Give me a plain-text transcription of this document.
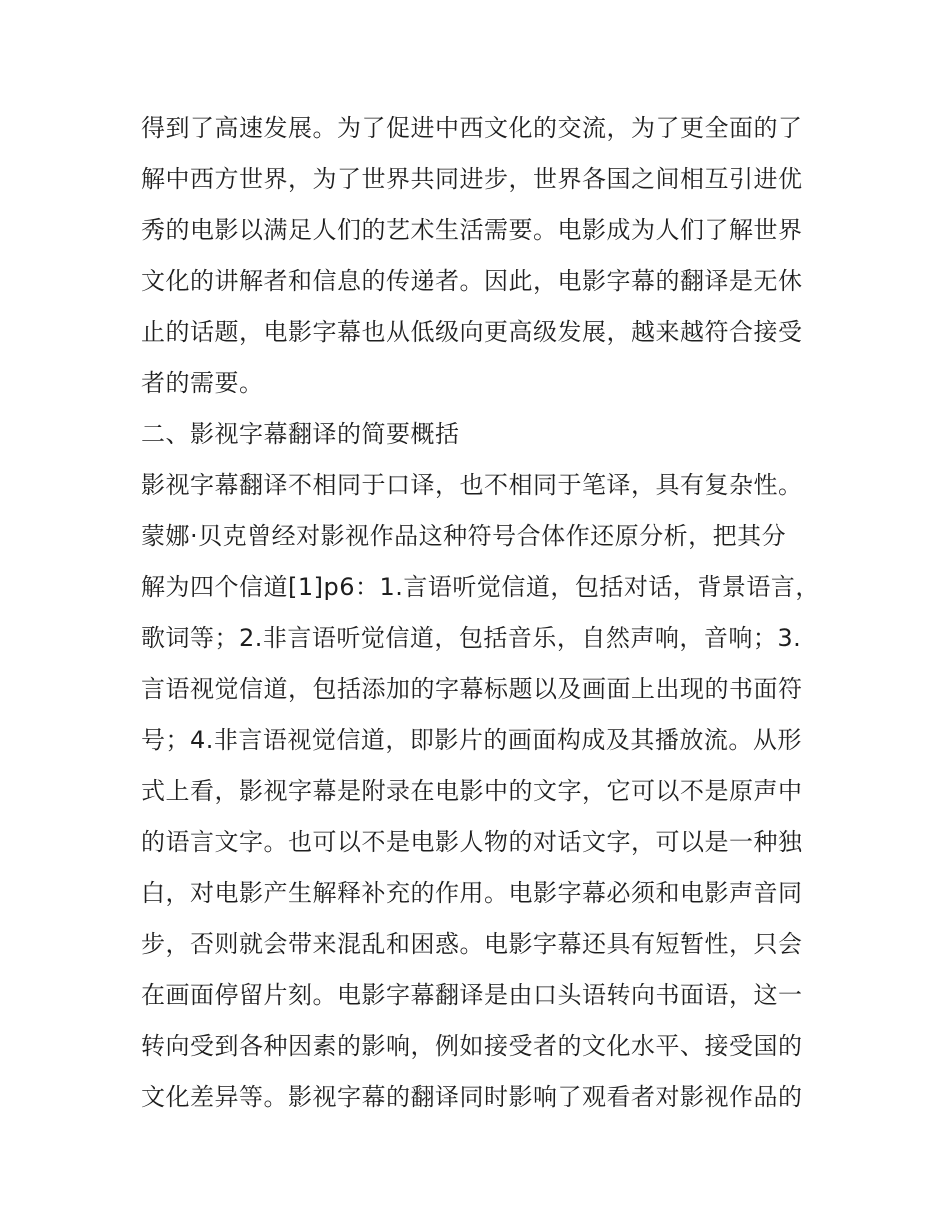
得到了高速发展。为了促进中西文化的交流，为了更全面的了
解中西方世界，为了世界共同进步，世界各国之间相互引进优
秀的电影以满足人们的艺术生活需要。电影成为人们了解世界
文化的讲解者和信息的传递者。因此，电影字幕的翻译是无休
止的话题，电影字幕也从低级向更高级发展，越来越符合接受
者的需要。
二、影视字幕翻译的简要概括
影视字幕翻译不相同于口译，也不相同于笔译，具有复杂性。
蒙娜·贝克曾经对影视作品这种符号合体作还原分析，把其分
解为四个信道[1]p6：1.言语听觉信道，包括对话，背景语言，
歌词等；2.非言语听觉信道，包括音乐，自然声响，音响；3.
言语视觉信道，包括添加的字幕标题以及画面上出现的书面符
号；4.非言语视觉信道，即影片的画面构成及其播放流。从形
式上看，影视字幕是附录在电影中的文字，它可以不是原声中
的语言文字。也可以不是电影人物的对话文字，可以是一种独
白，对电影产生解释补充的作用。电影字幕必须和电影声音同
步，否则就会带来混乱和困惑。电影字幕还具有短暂性，只会
在画面停留片刻。电影字幕翻译是由口头语转向书面语，这一
转向受到各种因素的影响，例如接受者的文化水平、接受国的
文化差异等。影视字幕的翻译同时影响了观看者对影视作品的
